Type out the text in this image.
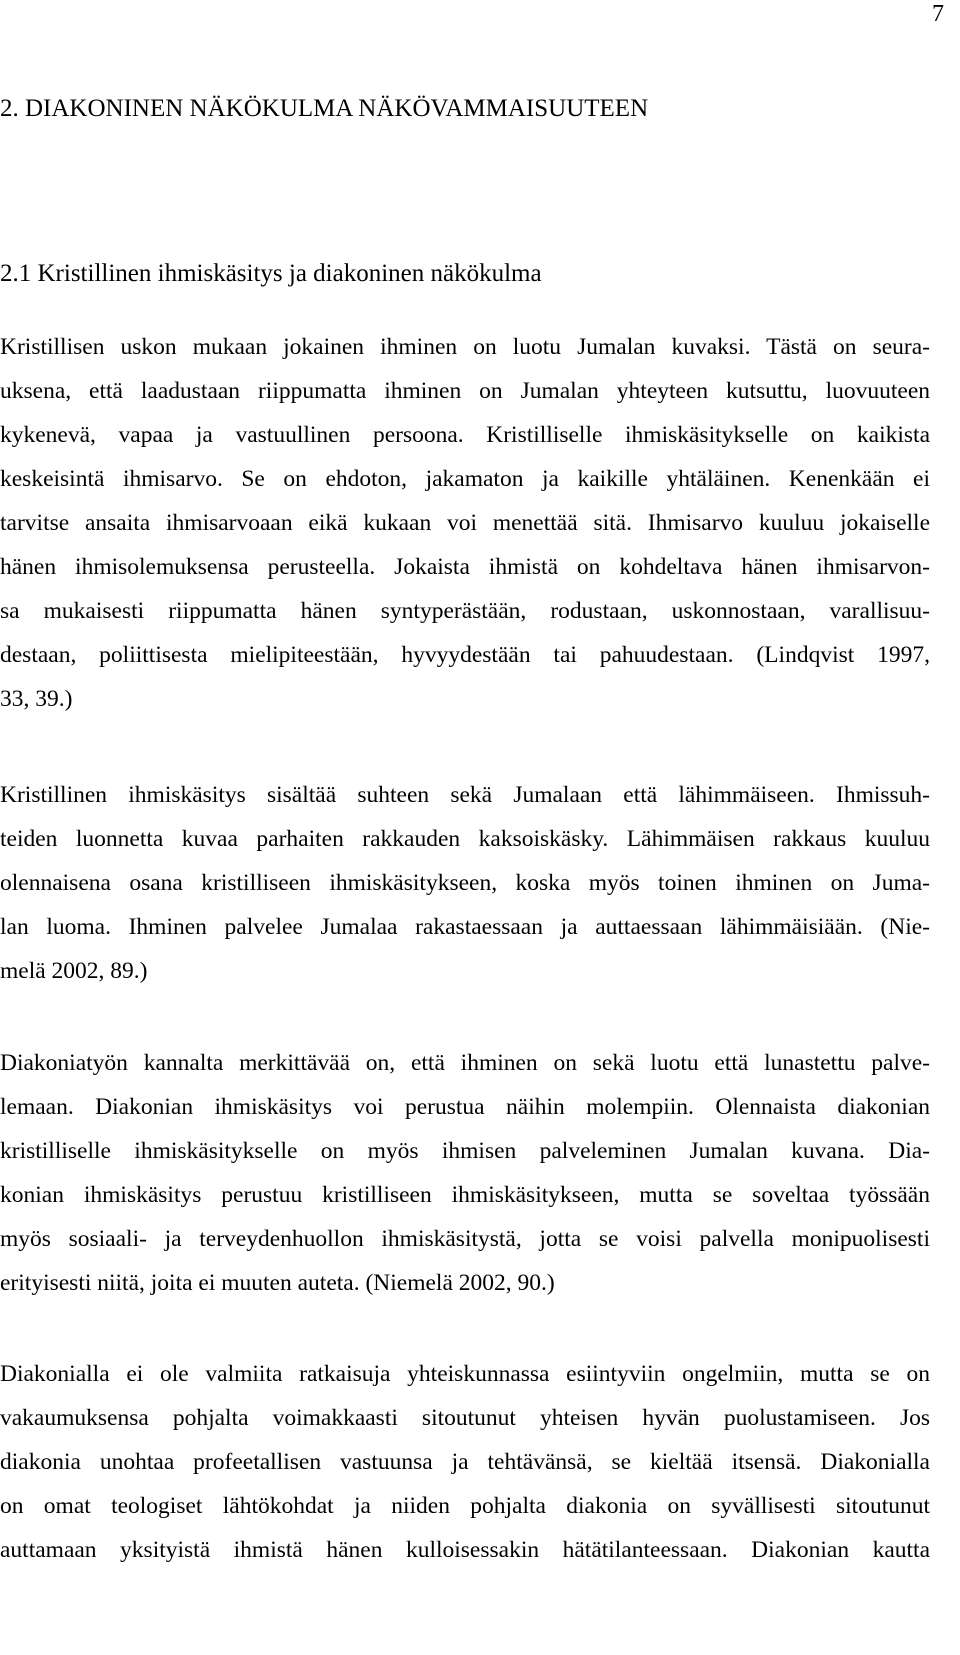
7
2. DIAKONINEN NÄKÖKULMA NÄKÖVAMMAISUUTEEN
2.1 Kristillinen ihmiskäsitys ja diakoninen näkökulma
Kristillisen uskon mukaan jokainen ihminen on luotu Jumalan kuvaksi. Tästä on seura-
uksena, että laadustaan riippumatta ihminen on Jumalan yhteyteen kutsuttu, luovuuteen
kykenevä, vapaa ja vastuullinen persoona. Kristilliselle ihmiskäsitykselle on kaikista
keskeisintä ihmisarvo. Se on ehdoton, jakamaton ja kaikille yhtäläinen. Kenenkään ei
tarvitse ansaita ihmisarvoaan eikä kukaan voi menettää sitä. Ihmisarvo kuuluu jokaiselle
hänen ihmisolemuksensa perusteella. Jokaista ihmistä on kohdeltava hänen ihmisarvon-
sa mukaisesti riippumatta hänen syntyperästään, rodustaan, uskonnostaan, varallisuu-
destaan, poliittisesta mielipiteestään, hyvyydestään tai pahuudestaan. (Lindqvist 1997,
33, 39.)
Kristillinen ihmiskäsitys sisältää suhteen sekä Jumalaan että lähimmäiseen. Ihmissuh-
teiden luonnetta kuvaa parhaiten rakkauden kaksoiskäsky. Lähimmäisen rakkaus kuuluu
olennaisena osana kristilliseen ihmiskäsitykseen, koska myös toinen ihminen on Juma-
lan luoma. Ihminen palvelee Jumalaa rakastaessaan ja auttaessaan lähimmäisiään. (Nie-
melä 2002, 89.)
Diakoniatyön kannalta merkittävää on, että ihminen on sekä luotu että lunastettu palve-
lemaan. Diakonian ihmiskäsitys voi perustua näihin molempiin. Olennaista diakonian
kristilliselle ihmiskäsitykselle on myös ihmisen palveleminen Jumalan kuvana. Dia-
konian ihmiskäsitys perustuu kristilliseen ihmiskäsitykseen, mutta se soveltaa työssään
myös sosiaali- ja terveydenhuollon ihmiskäsitystä, jotta se voisi palvella monipuolisesti
erityisesti niitä, joita ei muuten auteta. (Niemelä 2002, 90.)
Diakonialla ei ole valmiita ratkaisuja yhteiskunnassa esiintyviin ongelmiin, mutta se on
vakaumuksensa pohjalta voimakkaasti sitoutunut yhteisen hyvän puolustamiseen. Jos
diakonia unohtaa profeetallisen vastuunsa ja tehtävänsä, se kieltää itsensä. Diakonialla
on omat teologiset lähtökohdat ja niiden pohjalta diakonia on syvällisesti sitoutunut
auttamaan yksityistä ihmistä hänen kulloisessakin hätätilanteessaan. Diakonian kautta
